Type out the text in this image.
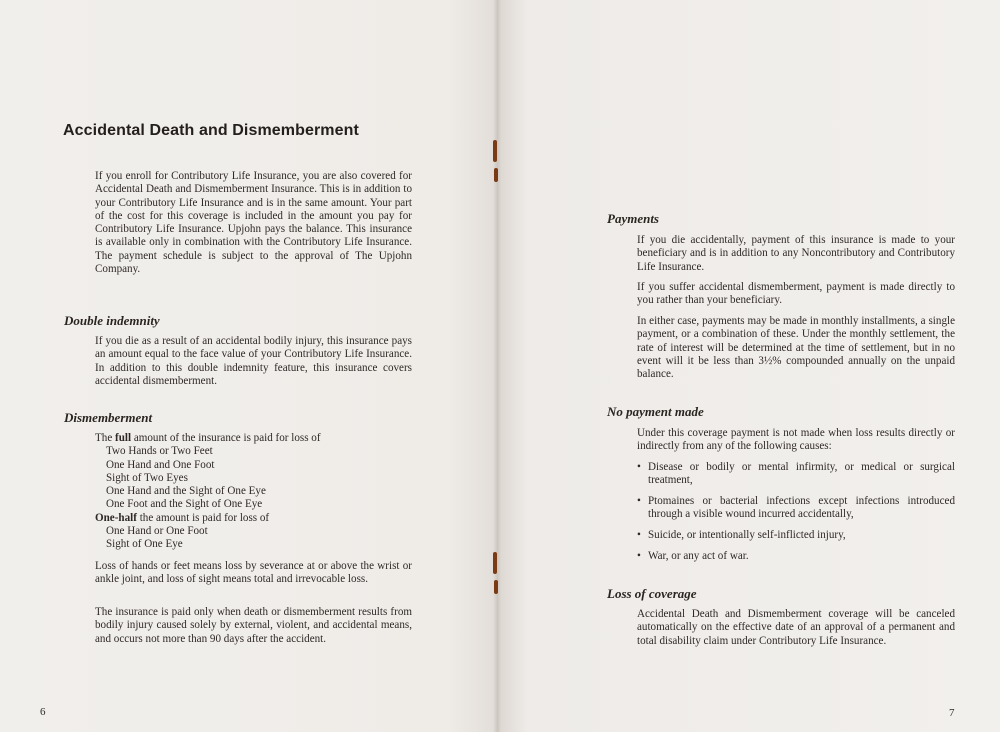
Accidental Death and Dismemberment

If you enroll for Contributory Life Insurance, you are also covered for Accidental Death and Dismemberment Insurance. This is in addition to your Contributory Life Insurance and is in the same amount. Your part of the cost for this coverage is included in the amount you pay for Contributory Life Insurance. Upjohn pays the balance. This insurance is available only in combination with the Contributory Life Insurance. The payment schedule is subject to the approval of The Upjohn Company.

Double indemnity

If you die as a result of an accidental bodily injury, this insurance pays an amount equal to the face value of your Contributory Life Insurance. In addition to this double indemnity feature, this insurance covers accidental dismemberment.

Dismemberment
The full amount of the insurance is paid for loss of
Two Hands or Two Feet
One Hand and One Foot
Sight of Two Eyes
One Hand and the Sight of One Eye
One Foot and the Sight of One Eye
One-half the amount is paid for loss of
One Hand or One Foot
Sight of One Eye

Loss of hands or feet means loss by severance at or above the wrist or ankle joint, and loss of sight means total and irrevocable loss.

The insurance is paid only when death or dismemberment results from bodily injury caused solely by external, violent, and accidental means, and occurs not more than 90 days after the accident.

6
Payments

If you die accidentally, payment of this insurance is made to your beneficiary and is in addition to any Noncontributory and Contributory Life Insurance.

If you suffer accidental dismemberment, payment is made directly to you rather than your beneficiary.

In either case, payments may be made in monthly installments, a single payment, or a combination of these. Under the monthly settlement, the rate of interest will be determined at the time of settlement, but in no event will it be less than 3½% compounded annually on the unpaid balance.

No payment made

Under this coverage payment is not made when loss results directly or indirectly from any of the following causes:

• Disease or bodily or mental infirmity, or medical or surgical treatment,
• Ptomaines or bacterial infections except infections introduced through a visible wound incurred accidentally,
• Suicide, or intentionally self-inflicted injury,
• War, or any act of war.
Loss of coverage

Accidental Death and Dismemberment coverage will be canceled automatically on the effective date of an approval of a permanent and total disability claim under Contributory Life Insurance.

7
